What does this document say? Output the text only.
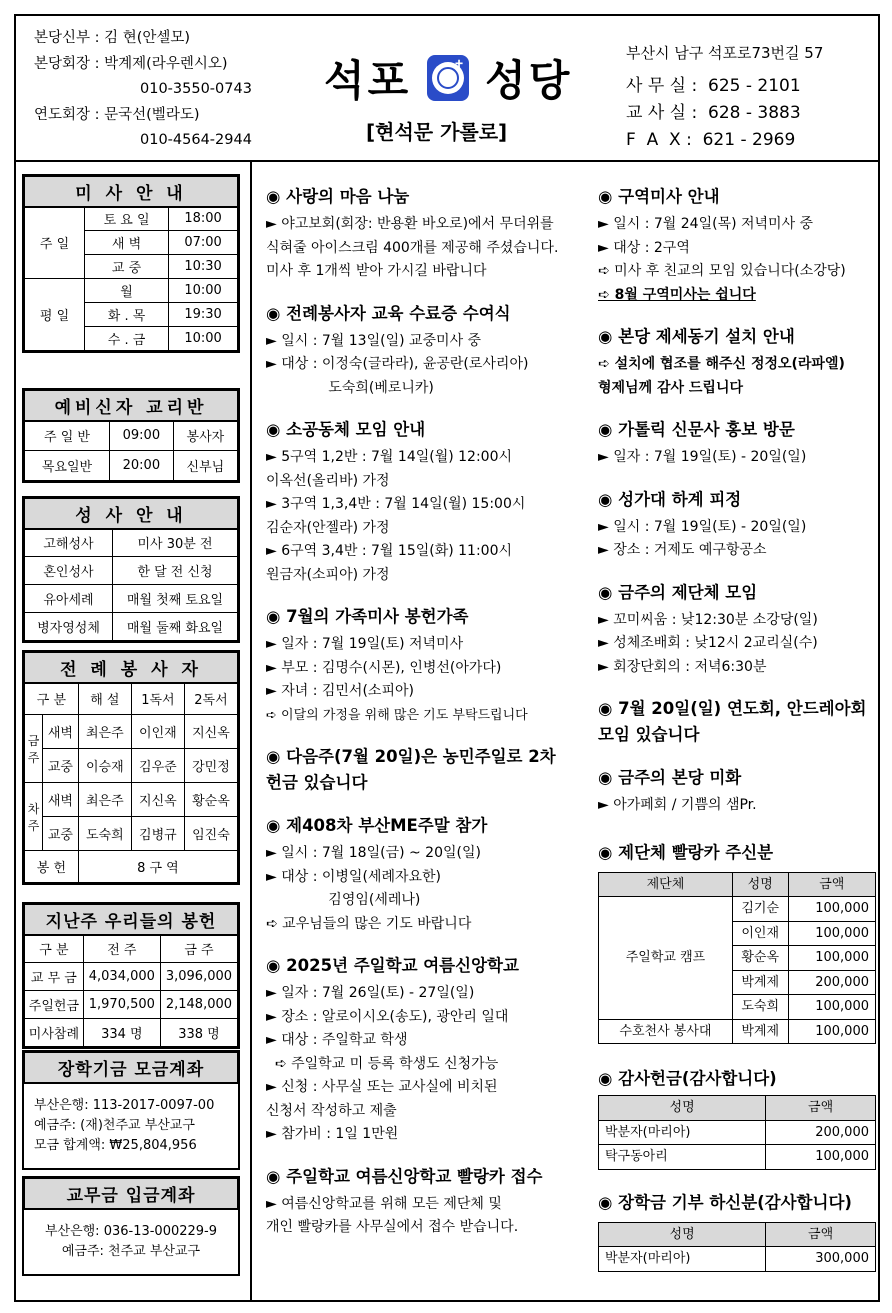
본당신부 : 김 현(안셀모)
본당회장 : 박계제(라우렌시오)
010-3550-0743
연도회장 : 문국선(벨라도)
010-4564-2944
석포	✝ 성당
[현석문 가롤로]
부산시 남구 석포로73번길 57
사 무 실 :  625 - 2101
교 사 실 :  628 - 3883
F  A  X :  621 - 2969
미 사 안 내		
주 일	토 요 일	18:00
	새 벽	07:00
	교 중	10:30
평 일	월	10:00
	화 . 목	19:30
	수 . 금	10:00
예비신자 교리반		
주 일 반	09:00	봉사자
목요일반	20:00	신부님
성 사 안 내	
고해성사	미사 30분 전
혼인성사	한 달 전 신청
유아세례	매월 첫째 토요일
병자영성체	매월 둘째 화요일
전 례 봉 사 자				
구 분		해 설	1독서	2독서
금주	새벽	최은주	이인재	지신옥
	교중	이승재	김우준	강민정
차주	새벽	최은주	지신옥	황순옥
	교중	도숙희	김병규	임진숙
봉 헌		8 구 역		
지난주 우리들의 봉헌		
구 분	전 주	금 주
교 무 금	4,034,000	3,096,000
주일헌금	1,970,500	2,148,000
미사참례	334 명	338 명
장학기금 모금계좌
부산은행: 113-2017-0097-00
예금주: (재)천주교 부산교구
모금 합계액: ₩25,804,956
교무금 입금계좌
부산은행: 036-13-000229-9
예금주: 천주교 부산교구
◉ 사랑의 마음 나눔
► 야고보회(회장: 반용환 바오로)에서 무더위를
식혀줄 아이스크림 400개를 제공해 주셨습니다.
미사 후 1개씩 받아 가시길 바랍니다
◉ 전례봉사자 교육 수료증 수여식
► 일시 : 7월 13일(일) 교중미사 중
► 대상 : 이정숙(글라라), 윤공란(로사리아)
도숙희(베로니카)
◉ 소공동체 모임 안내
► 5구역 1,2반 : 7월 14일(월) 12:00시
이옥선(올리바) 가정
► 3구역 1,3,4반 : 7월 14일(월) 15:00시
김순자(안젤라) 가정
► 6구역 3,4반 : 7월 15일(화) 11:00시
원금자(소피아) 가정
◉ 7월의 가족미사 봉헌가족
► 일자 : 7월 19일(토) 저녁미사
► 부모 : 김명수(시몬), 인병선(아가다)
► 자녀 : 김민서(소피아)
➪ 이달의 가정을 위해 많은 기도 부탁드립니다
◉ 다음주(7월 20일)은 농민주일로 2차 헌금 있습니다
◉ 제408차 부산ME주말 참가
► 일시 : 7월 18일(금) ~ 20일(일)
► 대상 : 이병일(세례자요한)
김영임(세레나)
➪ 교우님들의 많은 기도 바랍니다
◉ 2025년 주일학교 여름신앙학교
► 일자 : 7월 26일(토) - 27일(일)
► 장소 : 알로이시오(송도), 광안리 일대
► 대상 : 주일학교 학생
➪ 주일학교 미 등록 학생도 신청가능
► 신청 : 사무실 또는 교사실에 비치된
신청서 작성하고 제출
► 참가비 : 1일 1만원
◉ 주일학교 여름신앙학교 빨랑카 접수
► 여름신앙학교를 위해 모든 제단체 및
개인 빨랑카를 사무실에서 접수 받습니다.
◉ 구역미사 안내
► 일시 : 7월 24일(목) 저녁미사 중
► 대상 : 2구역
➪ 미사 후 친교의 모임 있습니다(소강당)
➪ 8월 구역미사는 쉽니다
◉ 본당 제세동기 설치 안내
➪ 설치에 협조를 해주신 정정오(라파엘)
형제님께 감사 드립니다
◉ 가톨릭 신문사 홍보 방문
► 일자 : 7월 19일(토) - 20일(일)
◉ 성가대 하계 피정
► 일시 : 7월 19일(토) - 20일(일)
► 장소 : 거제도 예구항공소
◉ 금주의 제단체 모임
► 꼬미씨움 : 낮12:30분 소강당(일)
► 성체조배회 : 낮12시 2교리실(수)
► 회장단회의 : 저녁6:30분
◉ 7월 20일(일) 연도회, 안드레아회 모임 있습니다
◉ 금주의 본당 미화
► 아가페회 / 기쁨의 샘Pr.
◉ 제단체 빨랑카 주신분
제단체	성명	금액
주일학교 캠프	김기순	100,000
	이인재	100,000
	황순옥	100,000
	박계제	200,000
	도숙희	100,000
수호천사 봉사대	박계제	100,000
◉ 감사헌금(감사합니다)
성명	금액
박분자(마리아)	200,000
탁구동아리	100,000
◉ 장학금 기부 하신분(감사합니다)
성명	금액
박분자(마리아)	300,000
